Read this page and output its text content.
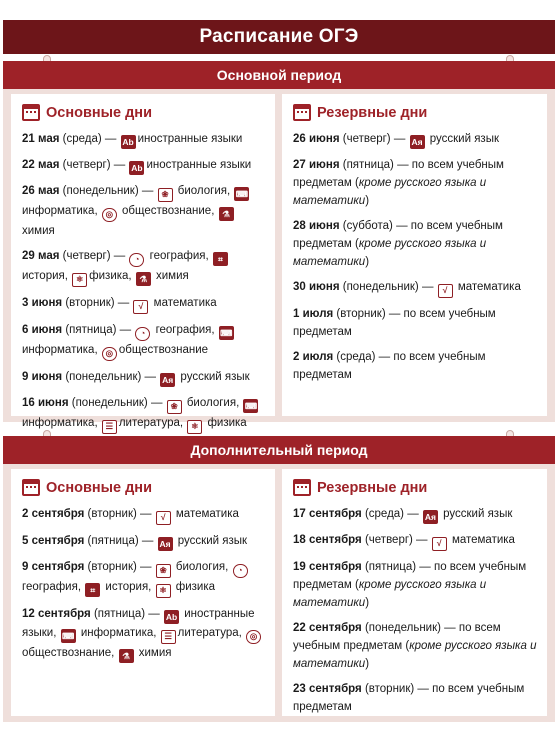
Расписание ОГЭ
Основной период
Основные дни
21 мая (среда) — Ab иностранные языки
22 мая (четверг) — Ab иностранные языки
26 мая (понедельник) — ❀ биология, ⌨информатика, ◎ обществознание, ⚗химия
29 мая (четверг) — ◔ география, ⌗история, ⚛ физика, ⚗ химия
3 июня (вторник) — √ математика
6 июня (пятница) — ◔ география, ⌨информатика, ◎ обществознание
9 июня (понедельник) — Ая русский язык
16 июня (понедельник) — ❀ биология, ⌨информатика, ☰ литература, ⚛ физика
Резервные дни
26 июня (четверг) — Ая русский язык
27 июня (пятница) — по всем учебным предметам (кроме русского языка и математики)
28 июня (суббота) — по всем учебным предметам (кроме русского языка и математики)
30 июня (понедельник) — √ математика
1 июля (вторник) — по всем учебным предметам
2 июля (среда) — по всем учебным предметам
Дополнительный период
Основные дни
2 сентября (вторник) — √ математика
5 сентября (пятница) — Ая русский язык
9 сентября (вторник) — ❀ биология, ◔ география, ⌗ история, ⚛ физика
12 сентября (пятница) — Ab иностранные языки, ⌨ информатика, ☰ литература, ◎обществознание, ⚗ химия
Резервные дни
17 сентября (среда) — Ая русский язык
18 сентября (четверг) — √ математика
19 сентября (пятница) — по всем учебным предметам (кроме русского языка и математики)
22 сентября (понедельник) — по всем учебным предметам (кроме русского языка и математики)
23 сентября (вторник) — по всем учебным предметам
